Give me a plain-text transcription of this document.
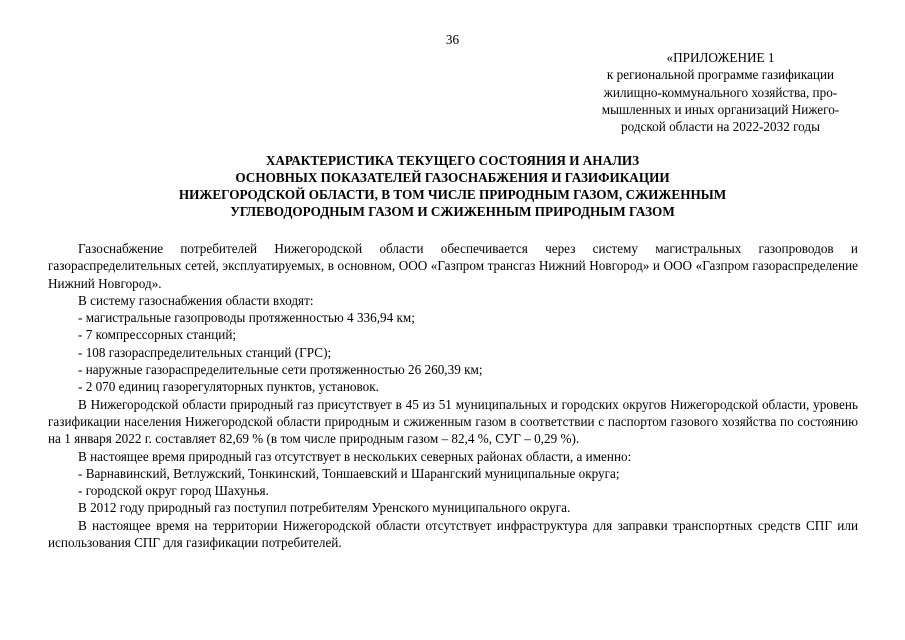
36
«ПРИЛОЖЕНИЕ 1
к региональной программе газификации
жилищно-коммунального хозяйства, про-
мышленных и иных организаций Нижего-
родской области на 2022-2032 годы
ХАРАКТЕРИСТИКА ТЕКУЩЕГО СОСТОЯНИЯ И АНАЛИЗ
ОСНОВНЫХ ПОКАЗАТЕЛЕЙ ГАЗОСНАБЖЕНИЯ И ГАЗИФИКАЦИИ
НИЖЕГОРОДСКОЙ ОБЛАСТИ, В ТОМ ЧИСЛЕ ПРИРОДНЫМ ГАЗОМ, СЖИЖЕННЫМ
УГЛЕВОДОРОДНЫМ ГАЗОМ И СЖИЖЕННЫМ ПРИРОДНЫМ ГАЗОМ

Газоснабжение потребителей Нижегородской области обеспечивается через систему магистральных газопроводов и газораспределительных сетей, эксплуатируемых, в основном, ООО «Газпром трансгаз Нижний Новгород» и ООО «Газпром газораспределение Нижний Новгород».

В систему газоснабжения области входят:

- магистральные газопроводы протяженностью 4 336,94 км;

- 7 компрессорных станций;

- 108 газораспределительных станций (ГРС);

- наружные газораспределительные сети протяженностью 26 260,39 км;

- 2 070 единиц газорегуляторных пунктов, установок.

В Нижегородской области природный газ присутствует в 45 из 51 муниципальных и городских округов Нижегородской области, уровень газификации населения Нижегородской области природным и сжиженным газом в соответствии с паспортом газового хозяйства по состоянию на 1 января 2022 г. составляет 82,69 % (в том числе природным газом – 82,4 %, СУГ – 0,29 %).

В настоящее время природный газ отсутствует в нескольких северных районах области, а именно:

- Варнавинский, Ветлужский, Тонкинский, Тоншаевский и Шарангский муниципальные округа;

- городской округ город Шахунья.

В 2012 году природный газ поступил потребителям Уренского муниципального округа.

В настоящее время на территории Нижегородской области отсутствует инфраструктура для заправки транспортных средств СПГ или использования СПГ для газификации потребителей.
